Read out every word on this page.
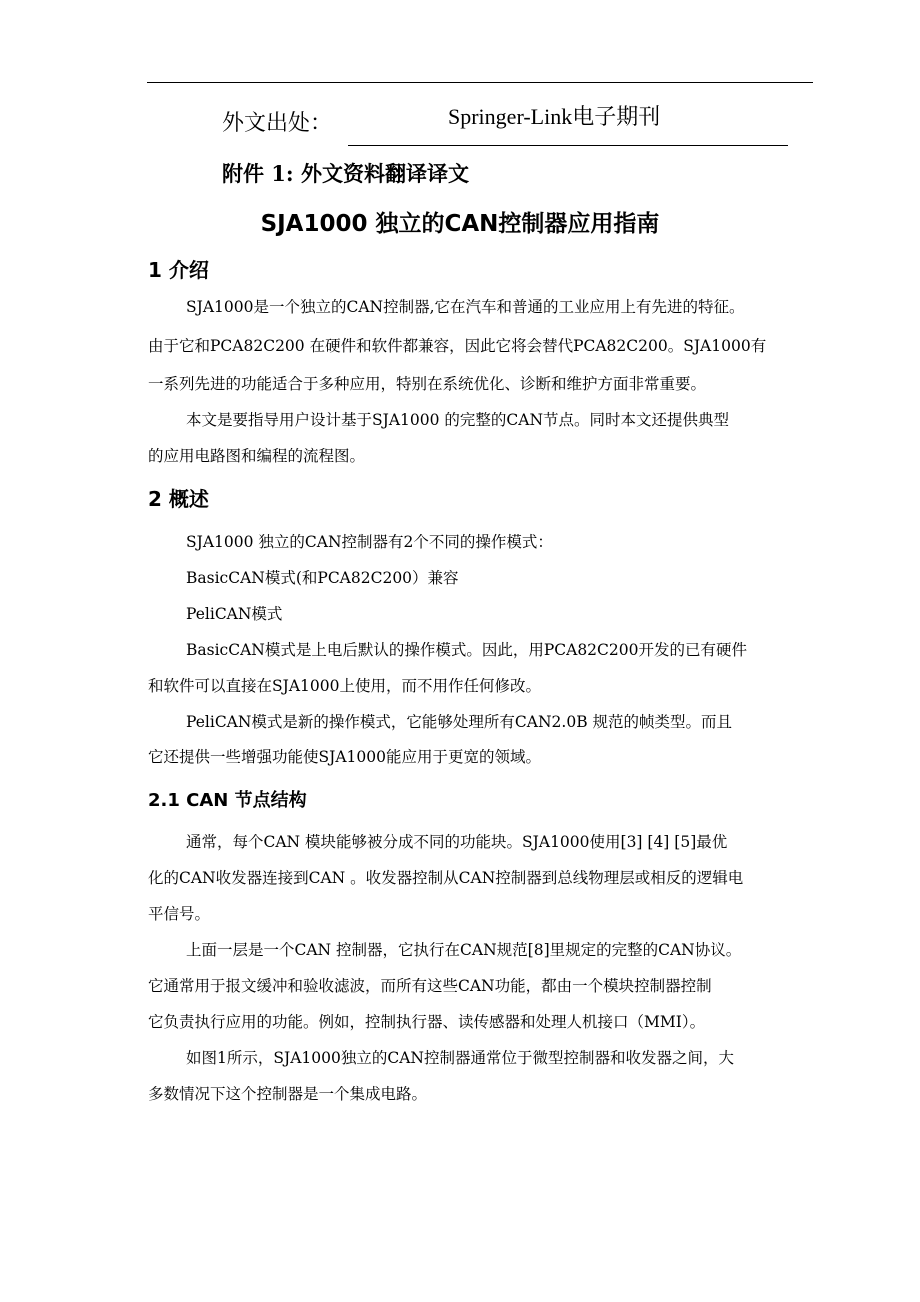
外文出处：	Springer-Link电子期刊
附件 1: 外文资料翻译译文
SJA1000 独立的CAN控制器应用指南
1 介绍
SJA1000是一个独立的CAN控制器,它在汽车和普通的工业应用上有先进的特征。
由于它和PCA82C200 在硬件和软件都兼容，因此它将会替代PCA82C200。SJA1000有
一系列先进的功能适合于多种应用，特别在系统优化、诊断和维护方面非常重要。
本文是要指导用户设计基于SJA1000 的完整的CAN节点。同时本文还提供典型
的应用电路图和编程的流程图。
2 概述
SJA1000 独立的CAN控制器有2个不同的操作模式：
BasicCAN模式(和PCA82C200）兼容
PeliCAN模式
BasicCAN模式是上电后默认的操作模式。因此，用PCA82C200开发的已有硬件
和软件可以直接在SJA1000上使用，而不用作任何修改。
PeliCAN模式是新的操作模式，它能够处理所有CAN2.0B 规范的帧类型。而且
它还提供一些增强功能使SJA1000能应用于更宽的领域。
2.1 CAN 节点结构
通常，每个CAN 模块能够被分成不同的功能块。SJA1000使用[3] [4] [5]最优
化的CAN收发器连接到CAN 。收发器控制从CAN控制器到总线物理层或相反的逻辑电
平信号。
上面一层是一个CAN 控制器，它执行在CAN规范[8]里规定的完整的CAN协议。
它通常用于报文缓冲和验收滤波，而所有这些CAN功能，都由一个模块控制器控制
它负责执行应用的功能。例如，控制执行器、读传感器和处理人机接口（MMI）。
如图1所示，SJA1000独立的CAN控制器通常位于微型控制器和收发器之间，大
多数情况下这个控制器是一个集成电路。
